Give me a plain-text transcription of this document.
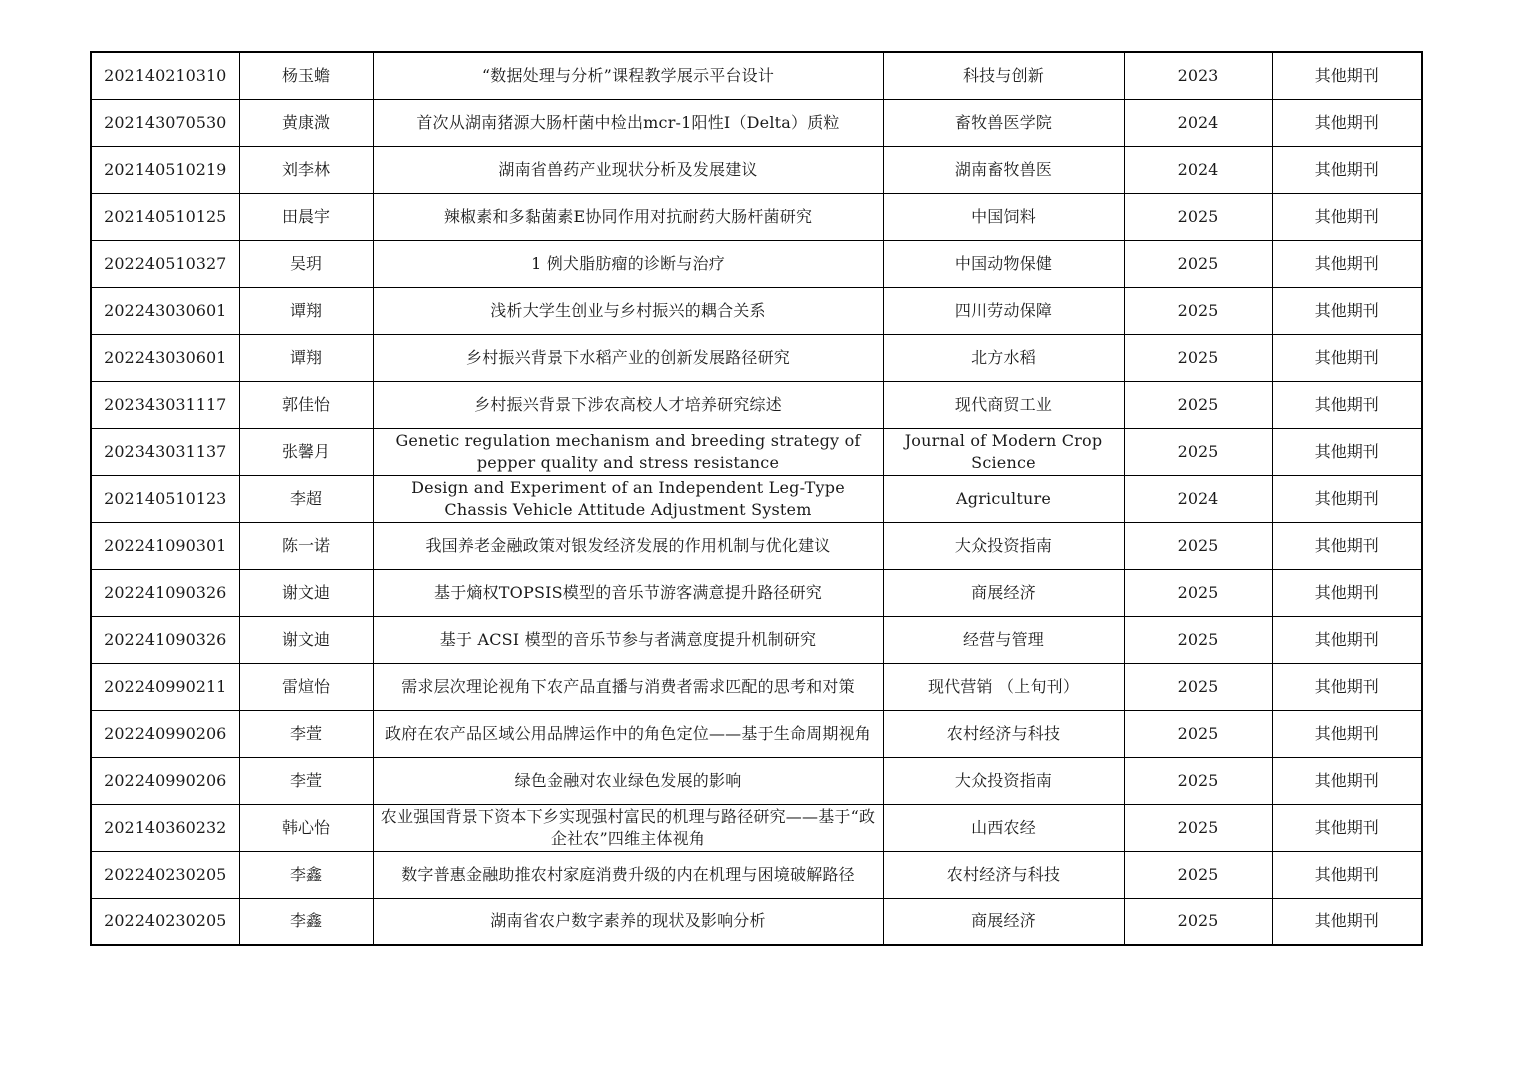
202140210310	杨玉蟾	“数据处理与分析”课程教学展示平台设计	科技与创新	2023	其他期刊
202143070530	黄康溦	首次从湖南猪源大肠杆菌中检出mcr-1阳性I（Delta）质粒	畜牧兽医学院	2024	其他期刊
202140510219	刘李林	湖南省兽药产业现状分析及发展建议	湖南畜牧兽医	2024	其他期刊
202140510125	田晨宇	辣椒素和多黏菌素E协同作用对抗耐药大肠杆菌研究	中国饲料	2025	其他期刊
202240510327	吴玥	1 例犬脂肪瘤的诊断与治疗	中国动物保健	2025	其他期刊
202243030601	谭翔	浅析大学生创业与乡村振兴的耦合关系	四川劳动保障	2025	其他期刊
202243030601	谭翔	乡村振兴背景下水稻产业的创新发展路径研究	北方水稻	2025	其他期刊
202343031117	郭佳怡	乡村振兴背景下涉农高校人才培养研究综述	现代商贸工业	2025	其他期刊
202343031137	张馨月	Genetic regulation mechanism and breeding strategy of pepper quality and stress resistance	Journal of Modern Crop Science	2025	其他期刊
202140510123	李超	Design and Experiment of an Independent Leg-Type Chassis Vehicle Attitude Adjustment System	Agriculture	2024	其他期刊
202241090301	陈一诺	我国养老金融政策对银发经济发展的作用机制与优化建议	大众投资指南	2025	其他期刊
202241090326	谢文迪	基于熵权TOPSIS模型的音乐节游客满意提升路径研究	商展经济	2025	其他期刊
202241090326	谢文迪	基于 ACSI 模型的音乐节参与者满意度提升机制研究	经营与管理	2025	其他期刊
202240990211	雷煊怡	需求层次理论视角下农产品直播与消费者需求匹配的思考和对策	现代营销 （上旬刊）	2025	其他期刊
202240990206	李萱	政府在农产品区域公用品牌运作中的角色定位——基于生命周期视角	农村经济与科技	2025	其他期刊
202240990206	李萱	绿色金融对农业绿色发展的影响	大众投资指南	2025	其他期刊
202140360232	韩心怡	农业强国背景下资本下乡实现强村富民的机理与路径研究——基于“政企社农”四维主体视角	山西农经	2025	其他期刊
202240230205	李鑫	数字普惠金融助推农村家庭消费升级的内在机理与困境破解路径	农村经济与科技	2025	其他期刊
202240230205	李鑫	湖南省农户数字素养的现状及影响分析	商展经济	2025	其他期刊
